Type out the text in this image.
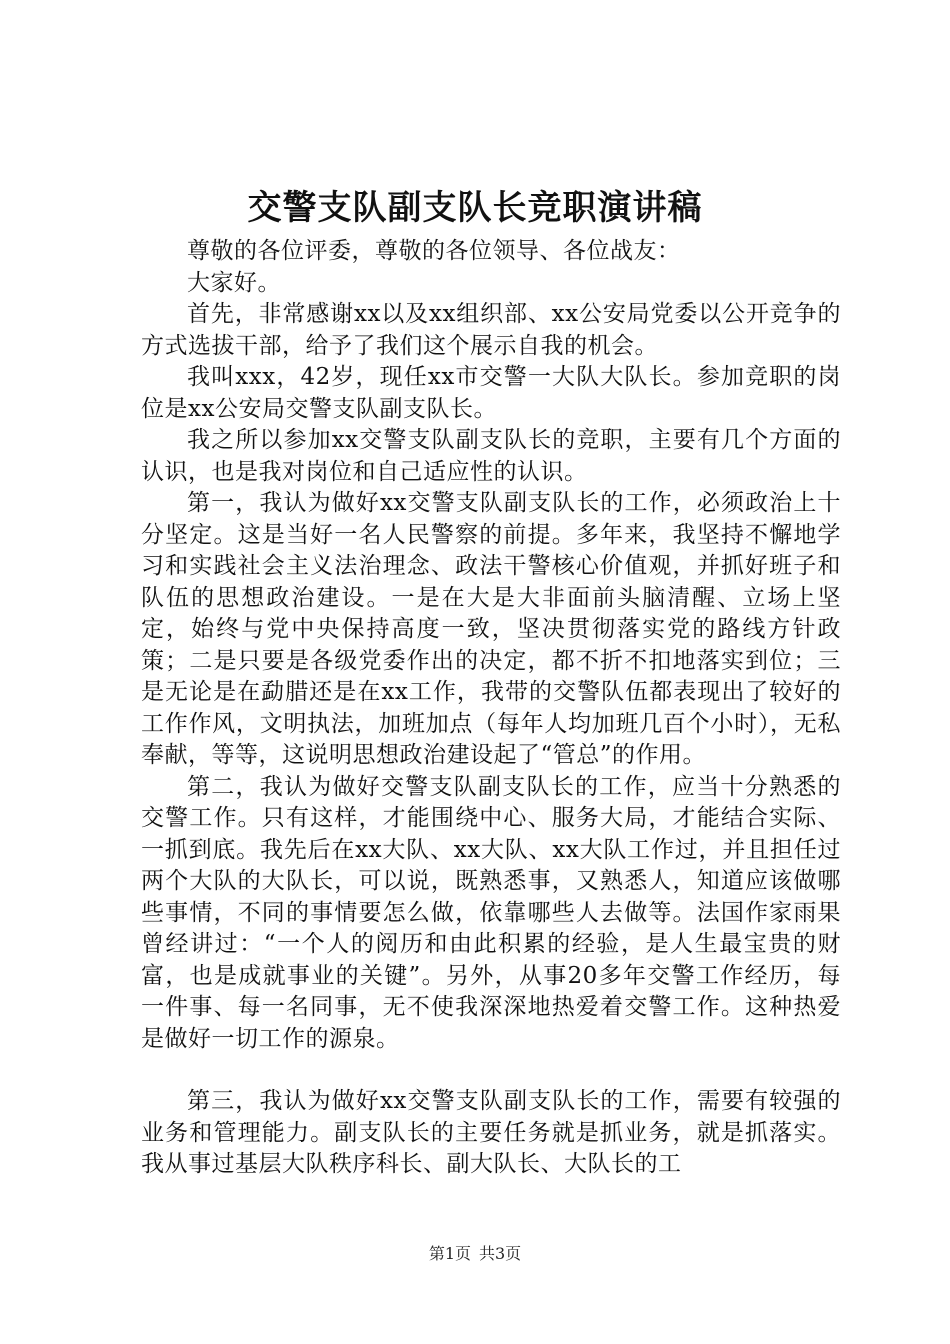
交警支队副支队长竞职演讲稿

尊敬的各位评委，尊敬的各位领导、各位战友：

大家好。

首先，非常感谢xx以及xx组织部、xx公安局党委以公开竞争的方式选拔干部，给予了我们这个展示自我的机会。

我叫xxx，42岁，现任xx市交警一大队大队长。参加竞职的岗位是xx公安局交警支队副支队长。

我之所以参加xx交警支队副支队长的竞职，主要有几个方面的认识，也是我对岗位和自己适应性的认识。

第一，我认为做好xx交警支队副支队长的工作，必须政治上十分坚定。这是当好一名人民警察的前提。多年来，我坚持不懈地学习和实践社会主义法治理念、政法干警核心价值观，并抓好班子和队伍的思想政治建设。一是在大是大非面前头脑清醒、立场上坚定，始终与党中央保持高度一致，坚决贯彻落实党的路线方针政策；二是只要是各级党委作出的决定，都不折不扣地落实到位；三是无论是在勐腊还是在xx工作，我带的交警队伍都表现出了较好的工作作风，文明执法，加班加点（每年人均加班几百个小时），无私奉献，等等，这说明思想政治建设起了“管总”的作用。

第二，我认为做好交警支队副支队长的工作，应当十分熟悉的交警工作。只有这样，才能围绕中心、服务大局，才能结合实际、一抓到底。我先后在xx大队、xx大队、xx大队工作过，并且担任过两个大队的大队长，可以说，既熟悉事，又熟悉人，知道应该做哪些事情，不同的事情要怎么做，依靠哪些人去做等。法国作家雨果曾经讲过：“一个人的阅历和由此积累的经验，是人生最宝贵的财富，也是成就事业的关键”。另外，从事20多年交警工作经历，每一件事、每一名同事，无不使我深深地热爱着交警工作。这种热爱是做好一切工作的源泉。

第三，我认为做好xx交警支队副支队长的工作，需要有较强的业务和管理能力。副支队长的主要任务就是抓业务，就是抓落实。我从事过基层大队秩序科长、副大队长、大队长的工

第1页 共3页
